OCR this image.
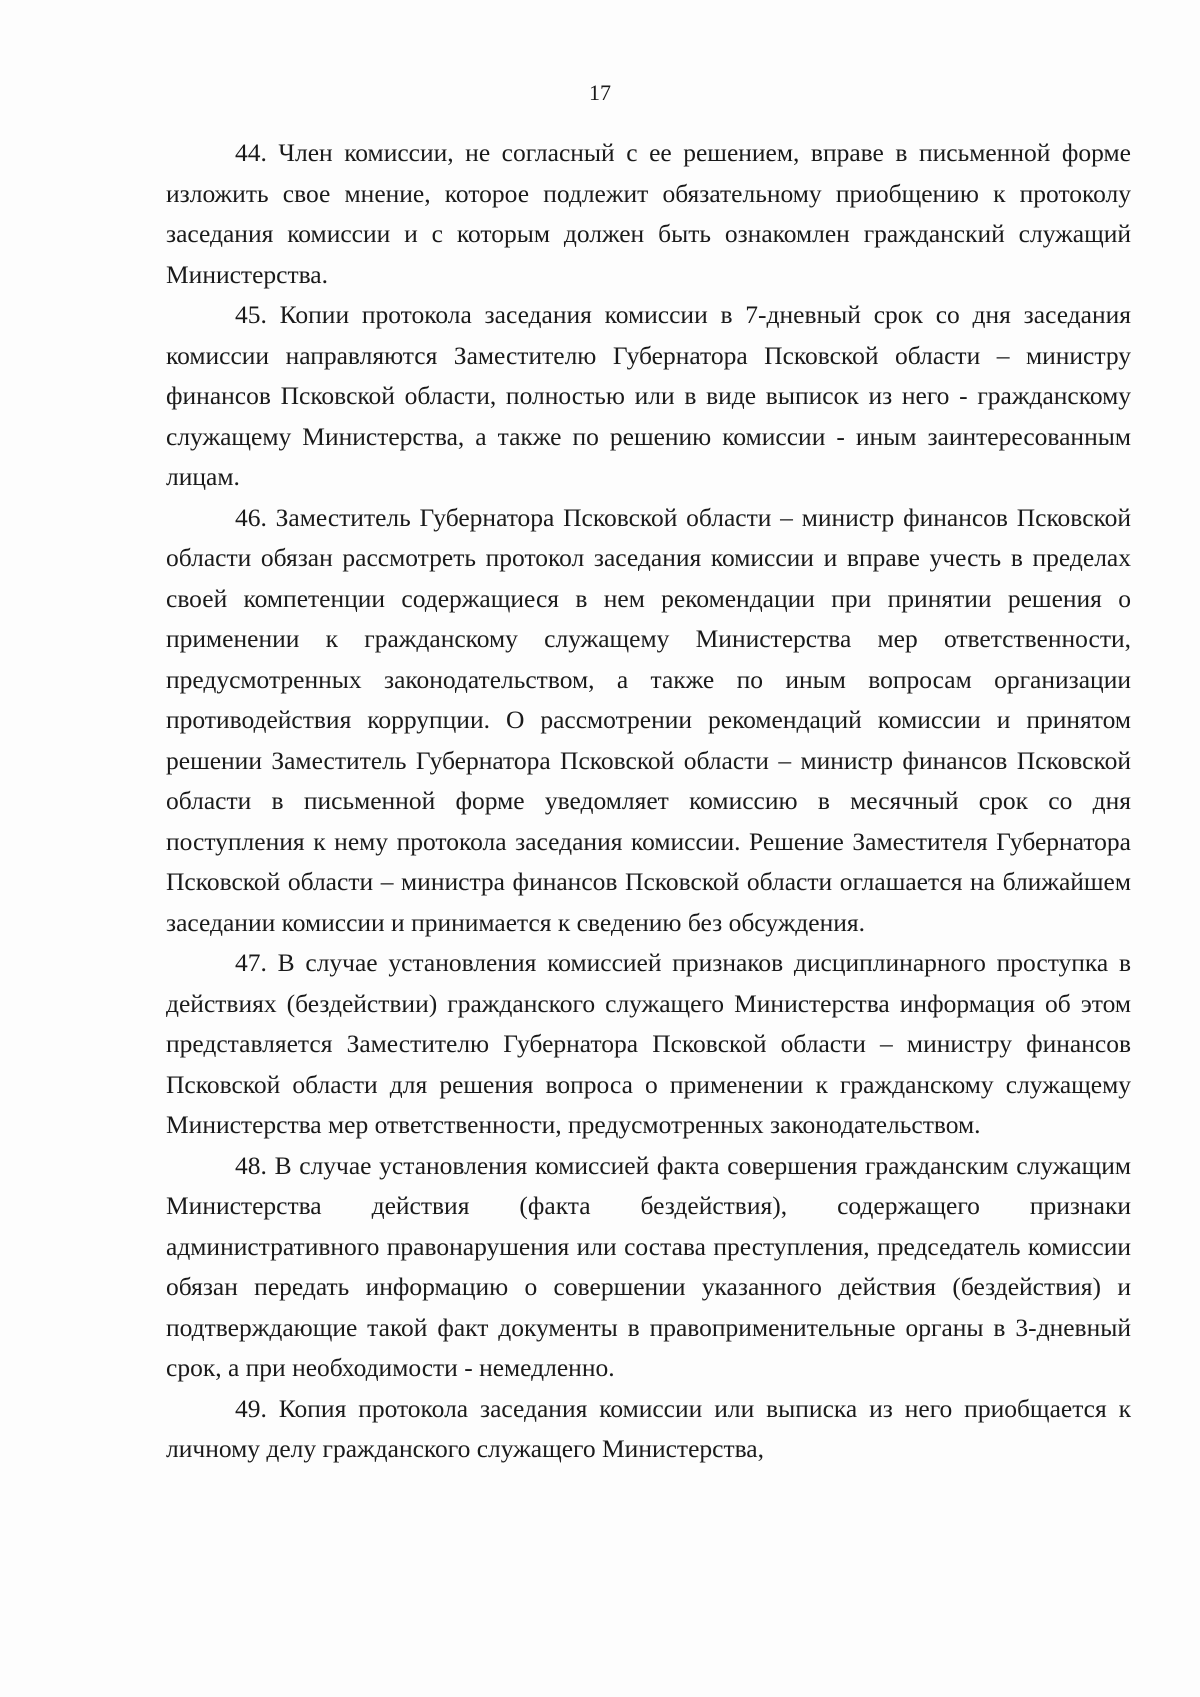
17

44. Член комиссии, не согласный с ее решением, вправе в письменной форме изложить свое мнение, которое подлежит обязательному приобщению к протоколу заседания комиссии и с которым должен быть ознакомлен гражданский служащий Министерства.

45. Копии протокола заседания комиссии в 7-дневный срок со дня заседания комиссии направляются Заместителю Губернатора Псковской области – министру финансов Псковской области, полностью или в виде выписок из него - гражданскому служащему Министерства, а также по решению комиссии - иным заинтересованным лицам.

46. Заместитель Губернатора Псковской области – министр финансов Псковской области обязан рассмотреть протокол заседания комиссии и вправе учесть в пределах своей компетенции содержащиеся в нем рекомендации при принятии решения о применении к гражданскому служащему Министерства мер ответственности, предусмотренных законодательством, а также по иным вопросам организации противодействия коррупции. О рассмотрении рекомендаций комиссии и принятом решении Заместитель Губернатора Псковской области – министр финансов Псковской области в письменной форме уведомляет комиссию в месячный срок со дня поступления к нему протокола заседания комиссии. Решение Заместителя Губернатора Псковской области – министра финансов Псковской области оглашается на ближайшем заседании комиссии и принимается к сведению без обсуждения.

47. В случае установления комиссией признаков дисциплинарного проступка в действиях (бездействии) гражданского служащего Министерства информация об этом представляется Заместителю Губернатора Псковской области – министру финансов Псковской области для решения вопроса о применении к гражданскому служащему Министерства мер ответственности, предусмотренных законодательством.

48. В случае установления комиссией факта совершения гражданским служащим Министерства действия (факта бездействия), содержащего признаки административного правонарушения или состава преступления, председатель комиссии обязан передать информацию о совершении указанного действия (бездействия) и подтверждающие такой факт документы в правоприменительные органы в 3-дневный срок, а при необходимости - немедленно.

49. Копия протокола заседания комиссии или выписка из него приобщается к личному делу гражданского служащего Министерства,
